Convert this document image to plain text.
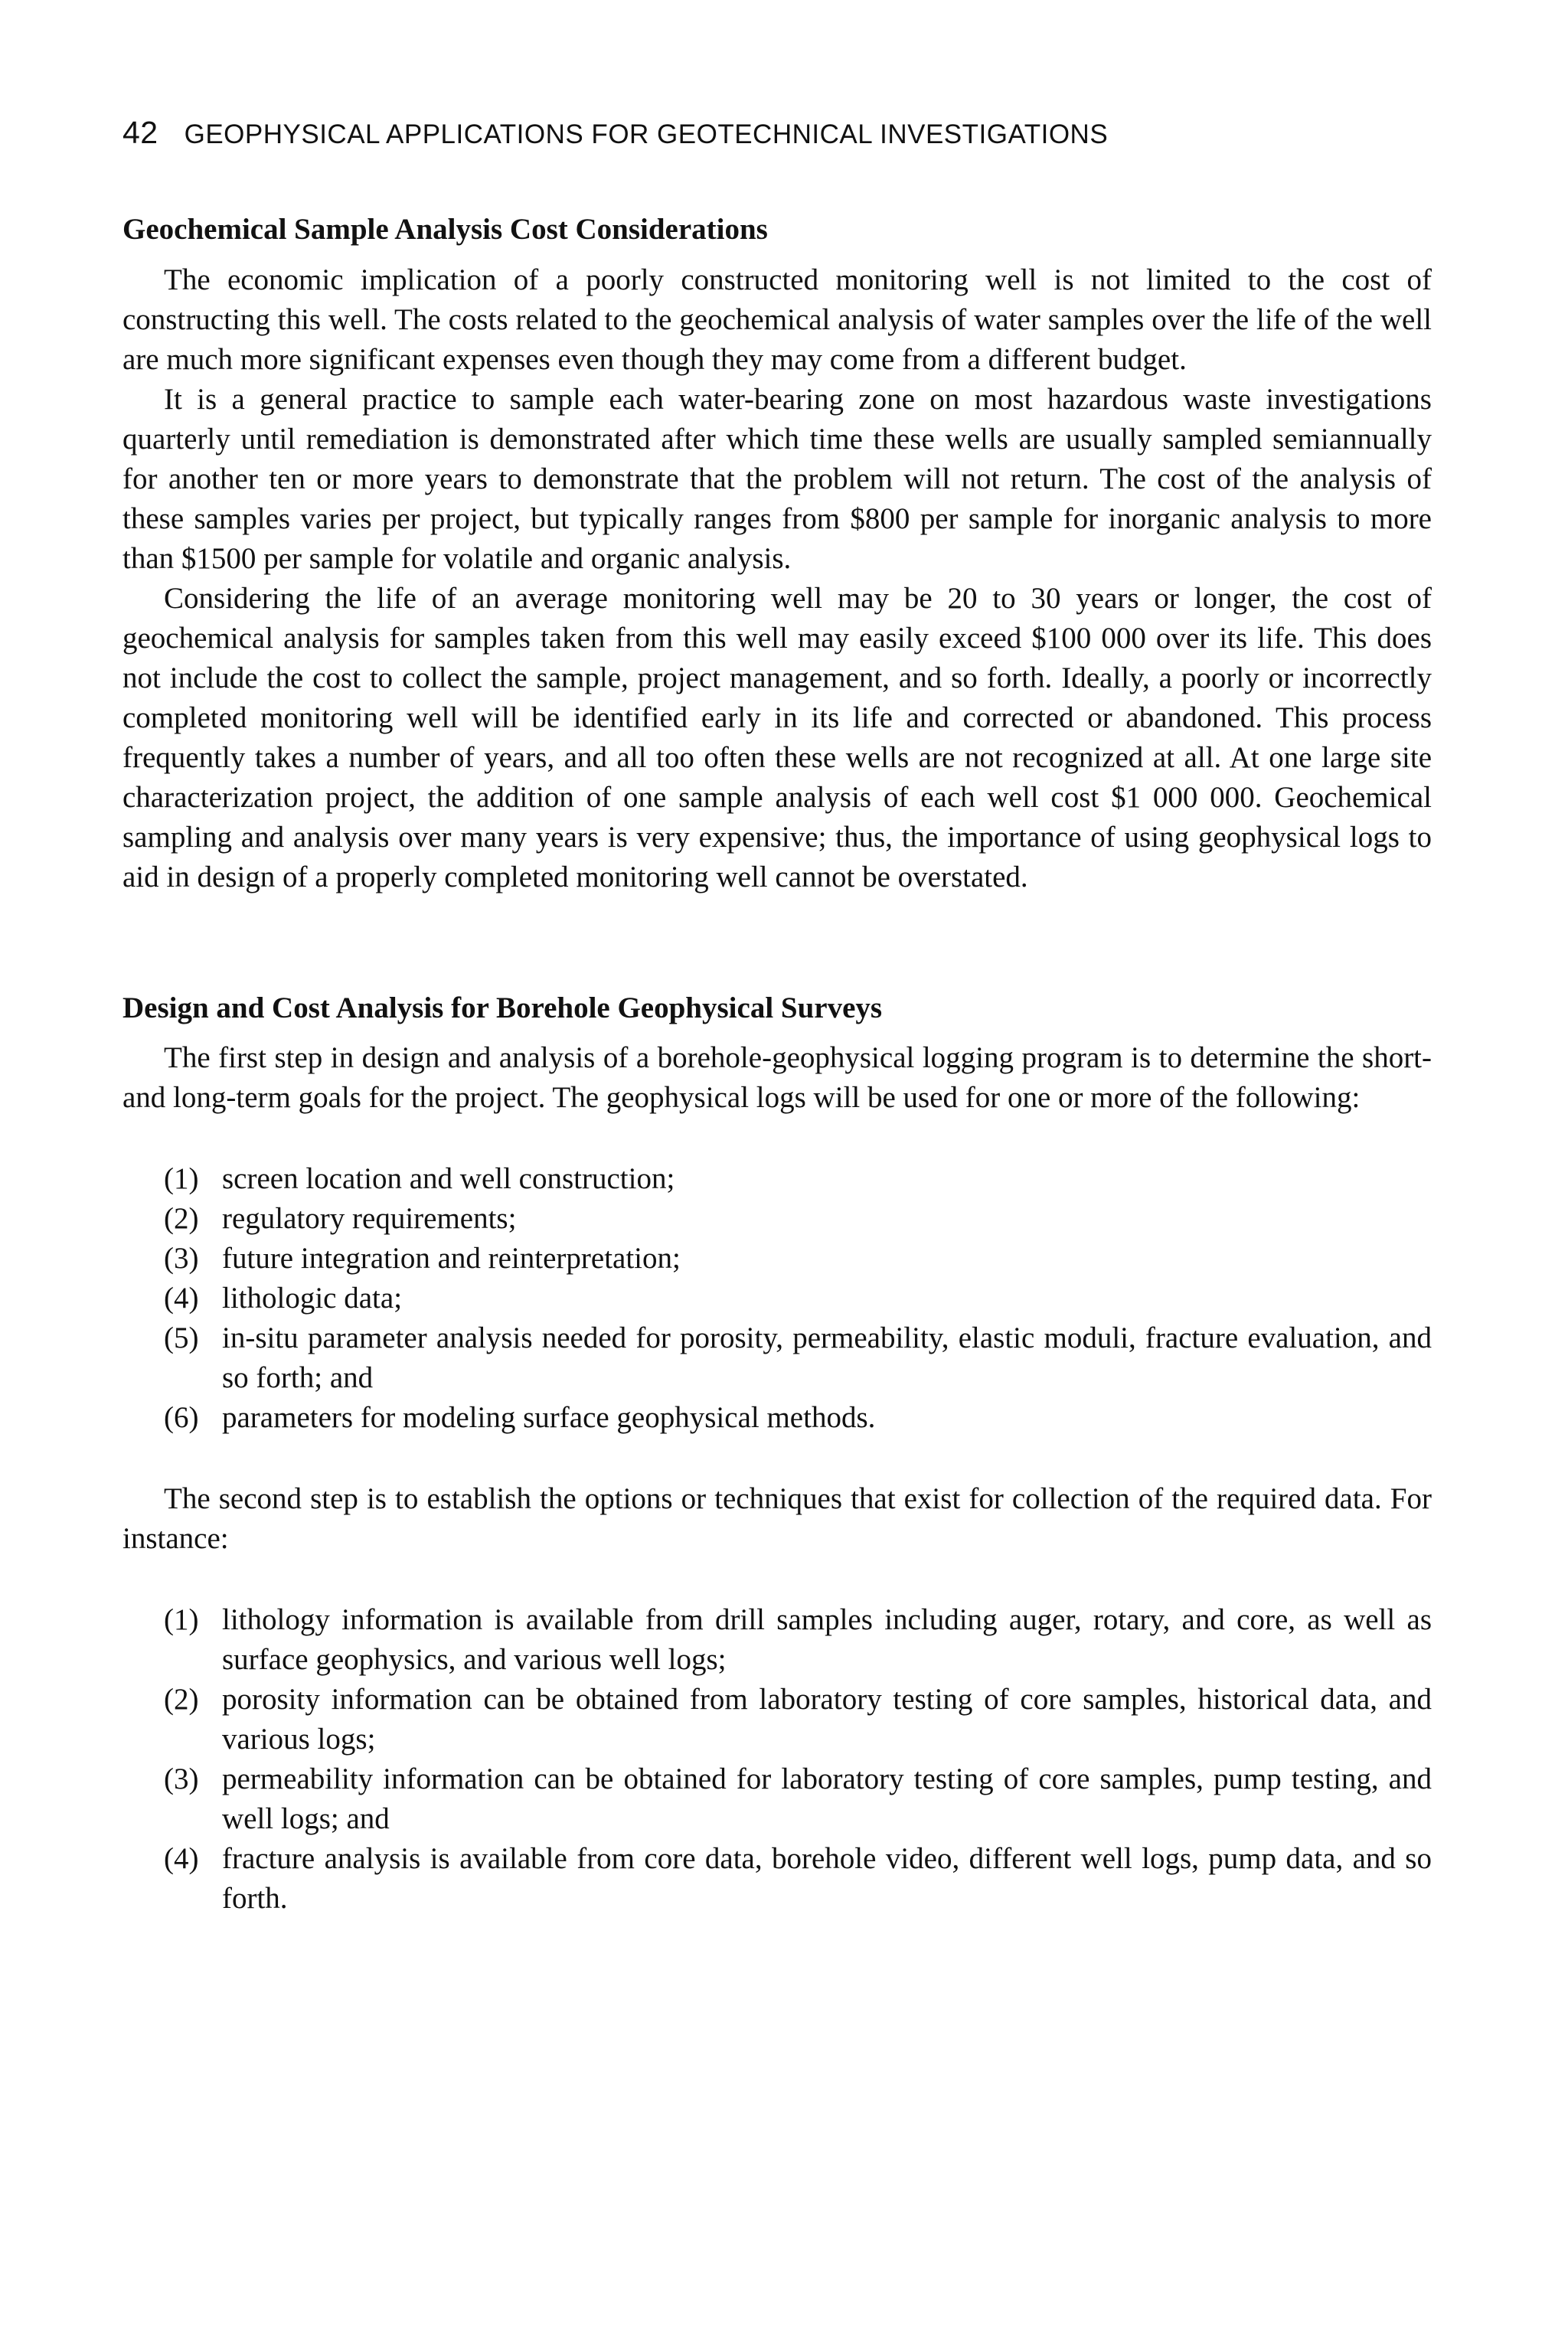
42 GEOPHYSICAL APPLICATIONS FOR GEOTECHNICAL INVESTIGATIONS
Geochemical Sample Analysis Cost Considerations

The economic implication of a poorly constructed monitoring well is not limited to the cost of constructing this well. The costs related to the geochemical analysis of water samples over the life of the well are much more significant expenses even though they may come from a different budget.

It is a general practice to sample each water-bearing zone on most hazardous waste investigations quarterly until remediation is demonstrated after which time these wells are usually sampled semiannually for another ten or more years to demonstrate that the problem will not return. The cost of the analysis of these samples varies per project, but typically ranges from $800 per sample for inorganic analysis to more than $1500 per sample for volatile and organic analysis.

Considering the life of an average monitoring well may be 20 to 30 years or longer, the cost of geochemical analysis for samples taken from this well may easily exceed $100 000 over its life. This does not include the cost to collect the sample, project management, and so forth. Ideally, a poorly or incorrectly completed monitoring well will be identified early in its life and corrected or abandoned. This process frequently takes a number of years, and all too often these wells are not recognized at all. At one large site characterization project, the addition of one sample analysis of each well cost $1 000 000. Geochemical sampling and analysis over many years is very expensive; thus, the importance of using geophysical logs to aid in design of a properly completed monitoring well cannot be overstated.

Design and Cost Analysis for Borehole Geophysical Surveys

The first step in design and analysis of a borehole-geophysical logging program is to determine the short- and long-term goals for the project. The geophysical logs will be used for one or more of the following:

(1) screen location and well construction;
(2) regulatory requirements;
(3) future integration and reinterpretation;
(4) lithologic data;
(5) in-situ parameter analysis needed for porosity, permeability, elastic moduli, fracture evaluation, and so forth; and
(6) parameters for modeling surface geophysical methods.

The second step is to establish the options or techniques that exist for collection of the required data. For instance:

(1) lithology information is available from drill samples including auger, rotary, and core, as well as surface geophysics, and various well logs;
(2) porosity information can be obtained from laboratory testing of core samples, historical data, and various logs;
(3) permeability information can be obtained for laboratory testing of core samples, pump testing, and well logs; and
(4) fracture analysis is available from core data, borehole video, different well logs, pump data, and so forth.
